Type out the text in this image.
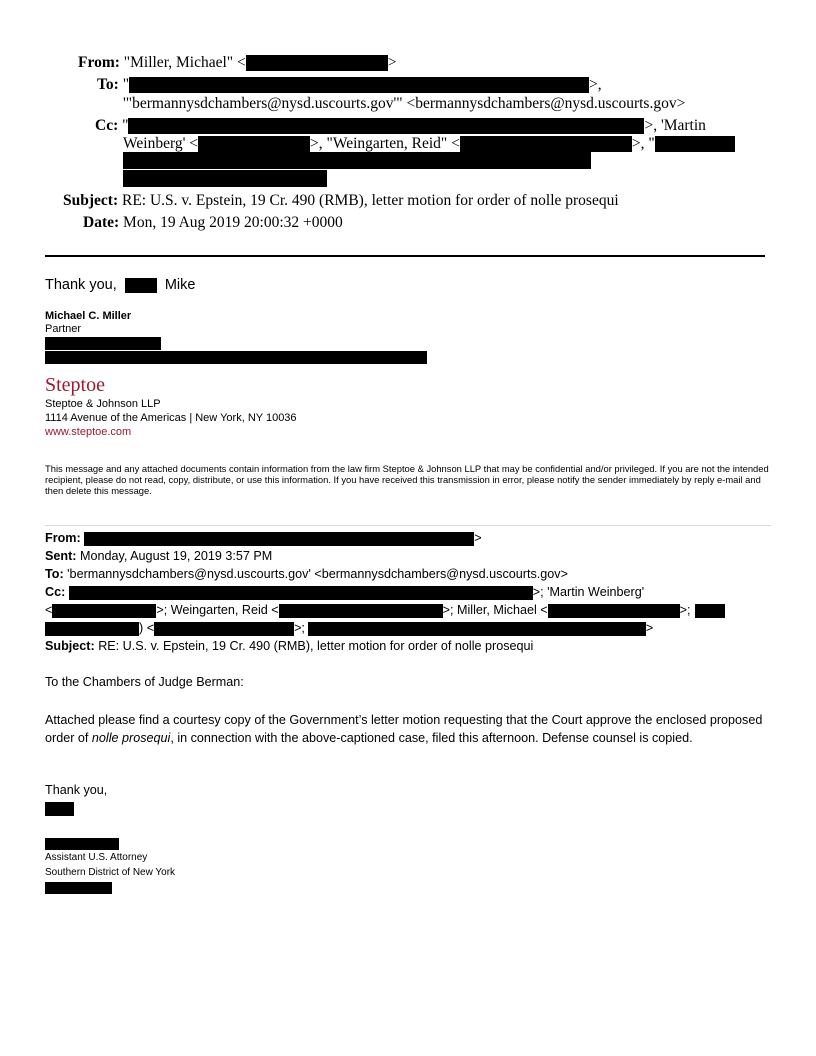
From: "Miller, Michael" <	>
To: "	>,
'"bermannysdchambers@nysd.uscourts.gov'" <bermannysdchambers@nysd.uscourts.gov>
Cc: "	>, 'Martin
Weinberg' <	>, "Weingarten, Reid" <	>, "
Subject: RE: U.S. v. Epstein, 19 Cr. 490 (RMB), letter motion for order of nolle prosequi
Date: Mon, 19 Aug 2019 20:00:32 +0000
Thank you,	Mike
Michael C. Miller
Partner
Steptoe
Steptoe & Johnson LLP
1114 Avenue of the Americas | New York, NY 10036
www.steptoe.com
This message and any attached documents contain information from the law firm Steptoe & Johnson LLP that may be confidential and/or privileged. If you are not the intended recipient, please do not read, copy, distribute, or use this information. If you have received this transmission in error, please notify the sender immediately by reply e-mail and then delete this message.
From:	>
Sent: Monday, August 19, 2019 3:57 PM
To: 'bermannysdchambers@nysd.uscourts.gov' <bermannysdchambers@nysd.uscourts.gov>
Cc:	>; 'Martin Weinberg'
<	>; Weingarten, Reid <	>; Miller, Michael <	>;
) <	>;	>
Subject: RE: U.S. v. Epstein, 19 Cr. 490 (RMB), letter motion for order of nolle prosequi
To the Chambers of Judge Berman:
Attached please find a courtesy copy of the Government’s letter motion requesting that the Court approve the enclosed proposed order of nolle prosequi, in connection with the above-captioned case, filed this afternoon. Defense counsel is copied.
Thank you,
Assistant U.S. Attorney
Southern District of New York
